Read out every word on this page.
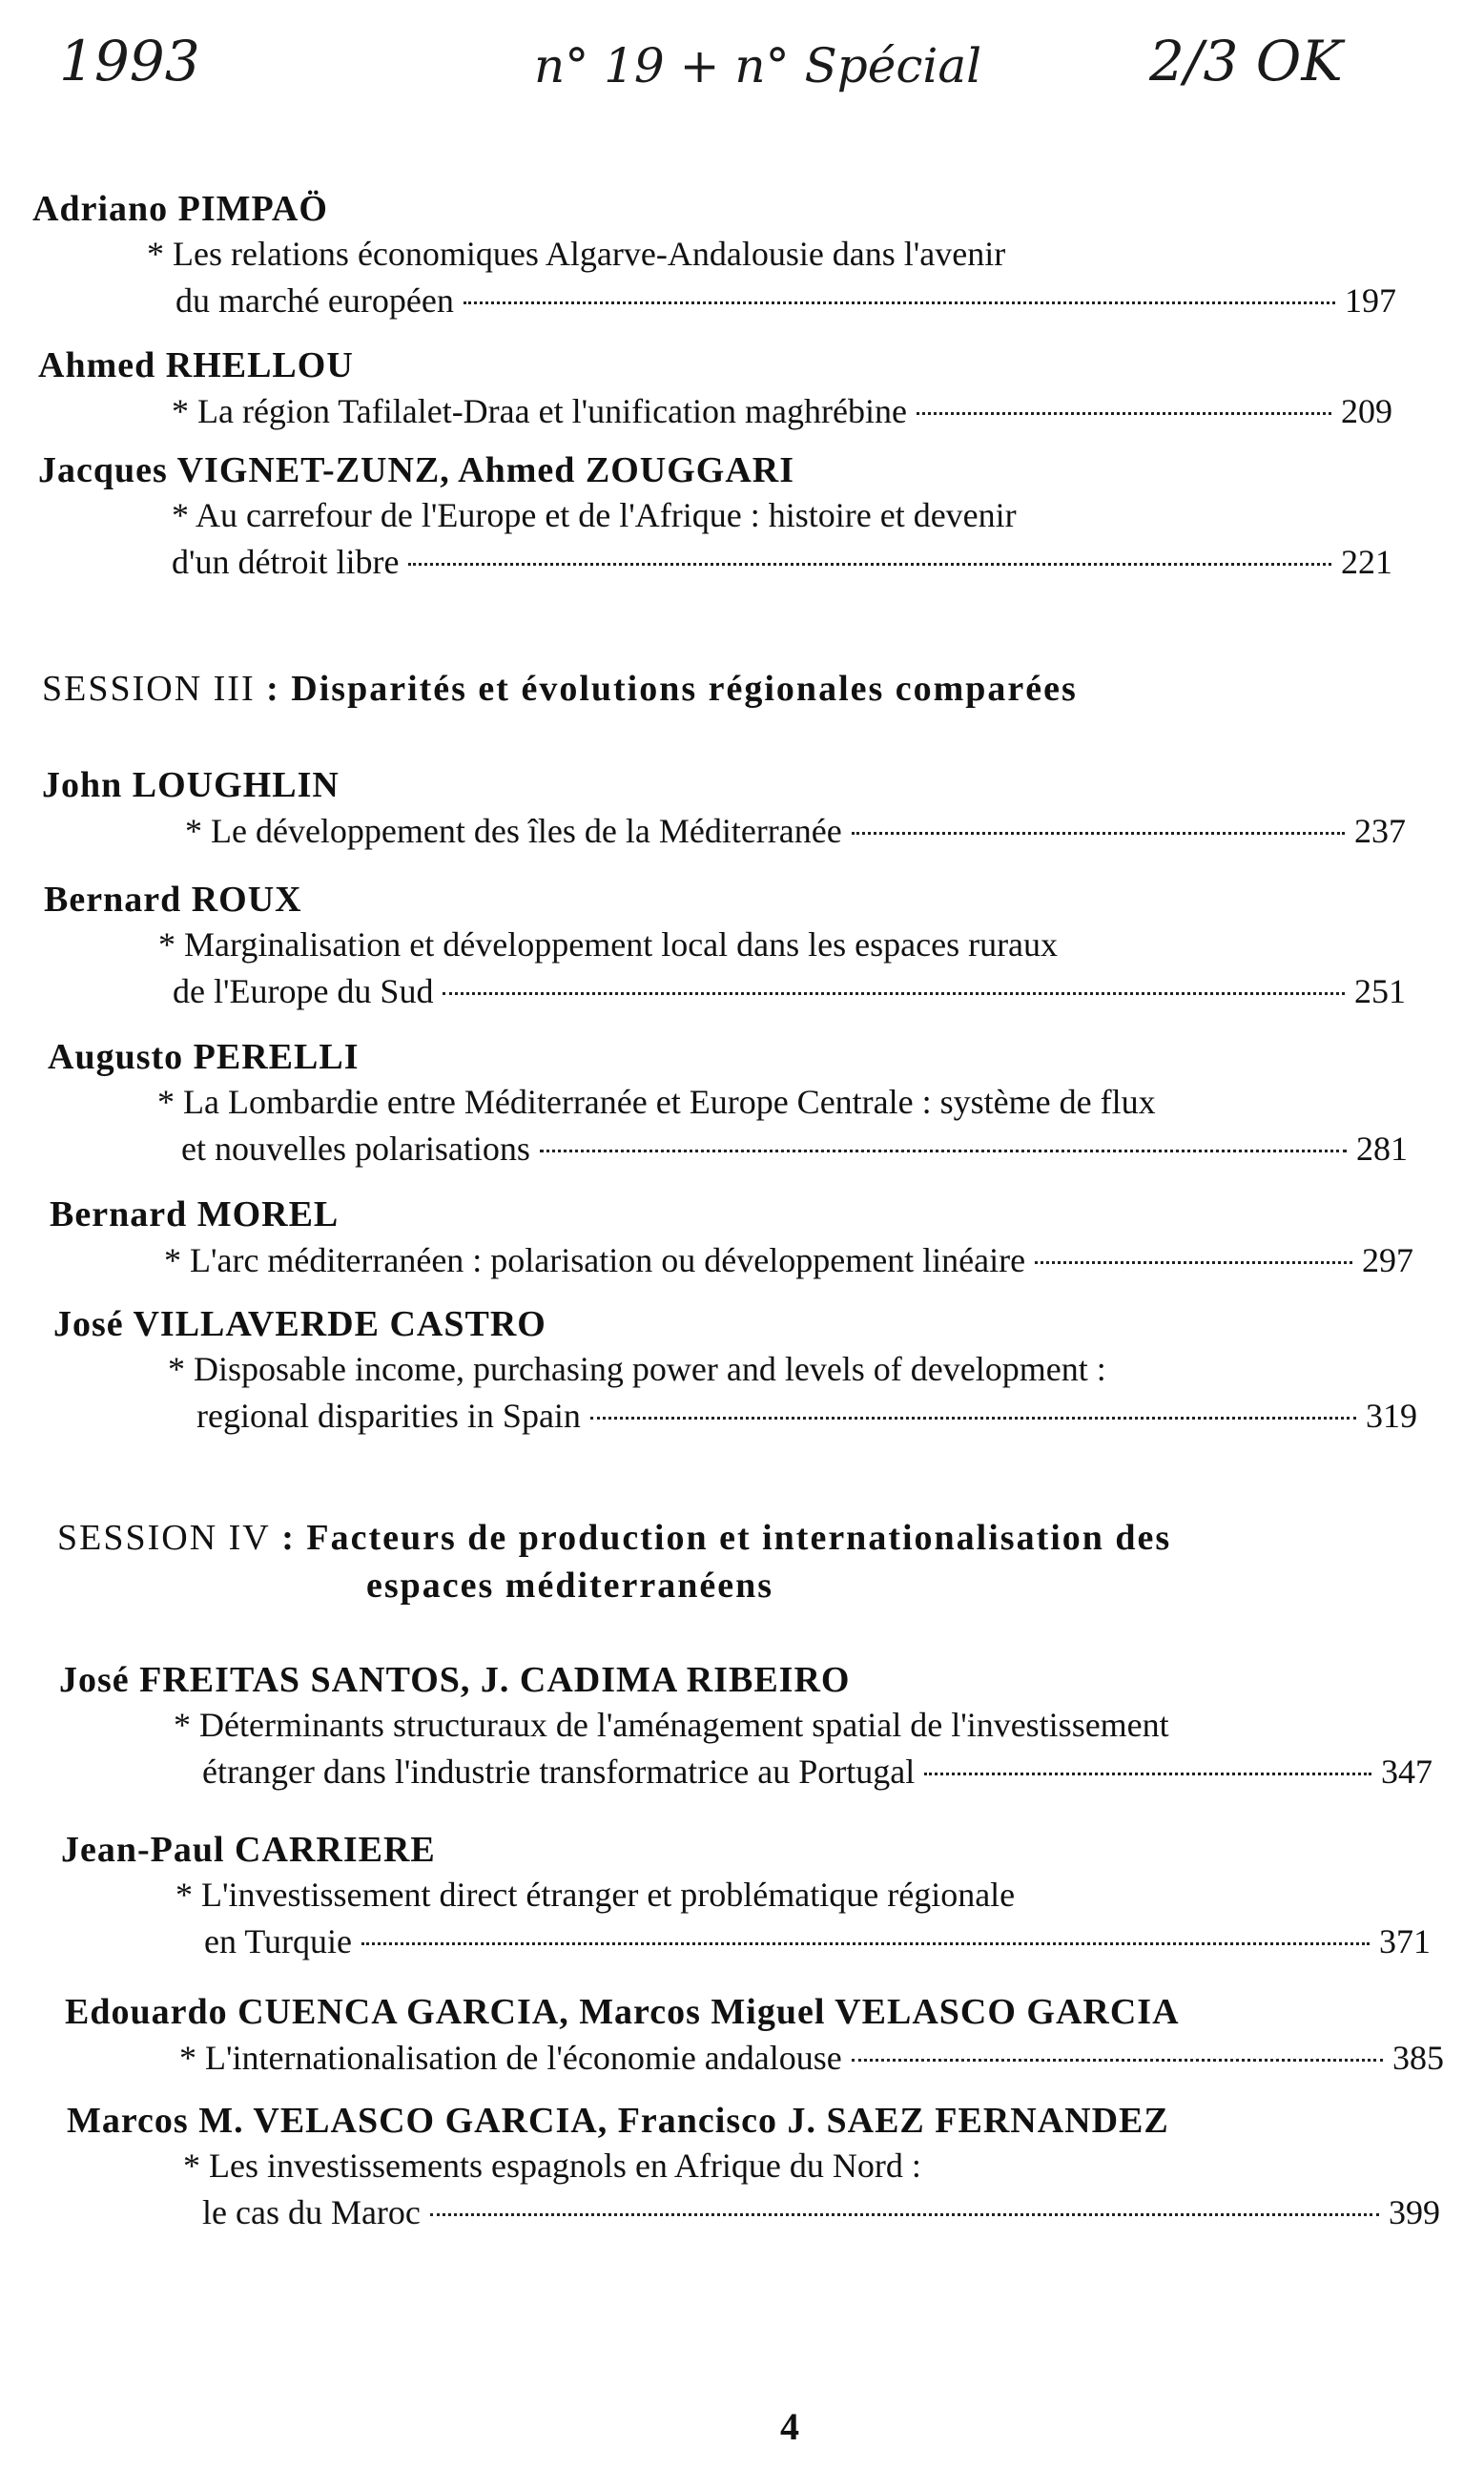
1993	n° 19 + n° Spécial	2/3 OK
Adriano PIMPAÖ
* Les relations économiques Algarve-Andalousie dans l'avenir
du marché européen	197
Ahmed RHELLOU
* La région Tafilalet-Draa et l'unification maghrébine	209
Jacques VIGNET-ZUNZ, Ahmed ZOUGGARI
* Au carrefour de l'Europe et de l'Afrique : histoire et devenir
d'un détroit libre	221
SESSION III : Disparités et évolutions régionales comparées
John LOUGHLIN
* Le développement des îles de la Méditerranée	237
Bernard ROUX
* Marginalisation et développement local dans les espaces ruraux
de l'Europe du Sud	251
Augusto PERELLI
* La Lombardie entre Méditerranée et Europe Centrale : système de flux
et nouvelles polarisations	281
Bernard MOREL
* L'arc méditerranéen : polarisation ou développement linéaire	297
José VILLAVERDE CASTRO
* Disposable income, purchasing power and levels of development :
regional disparities in Spain	319
SESSION IV : Facteurs de production et internationalisation des
espaces méditerranéens
José FREITAS SANTOS, J. CADIMA RIBEIRO
* Déterminants structuraux de l'aménagement spatial de l'investissement
étranger dans l'industrie transformatrice au Portugal	347
Jean-Paul CARRIERE
* L'investissement direct étranger et problématique régionale
en Turquie	371
Edouardo CUENCA GARCIA, Marcos Miguel VELASCO GARCIA
* L'internationalisation de l'économie andalouse	385
Marcos M. VELASCO GARCIA, Francisco J. SAEZ FERNANDEZ
* Les investissements espagnols en Afrique du Nord :
le cas du Maroc	399
4
